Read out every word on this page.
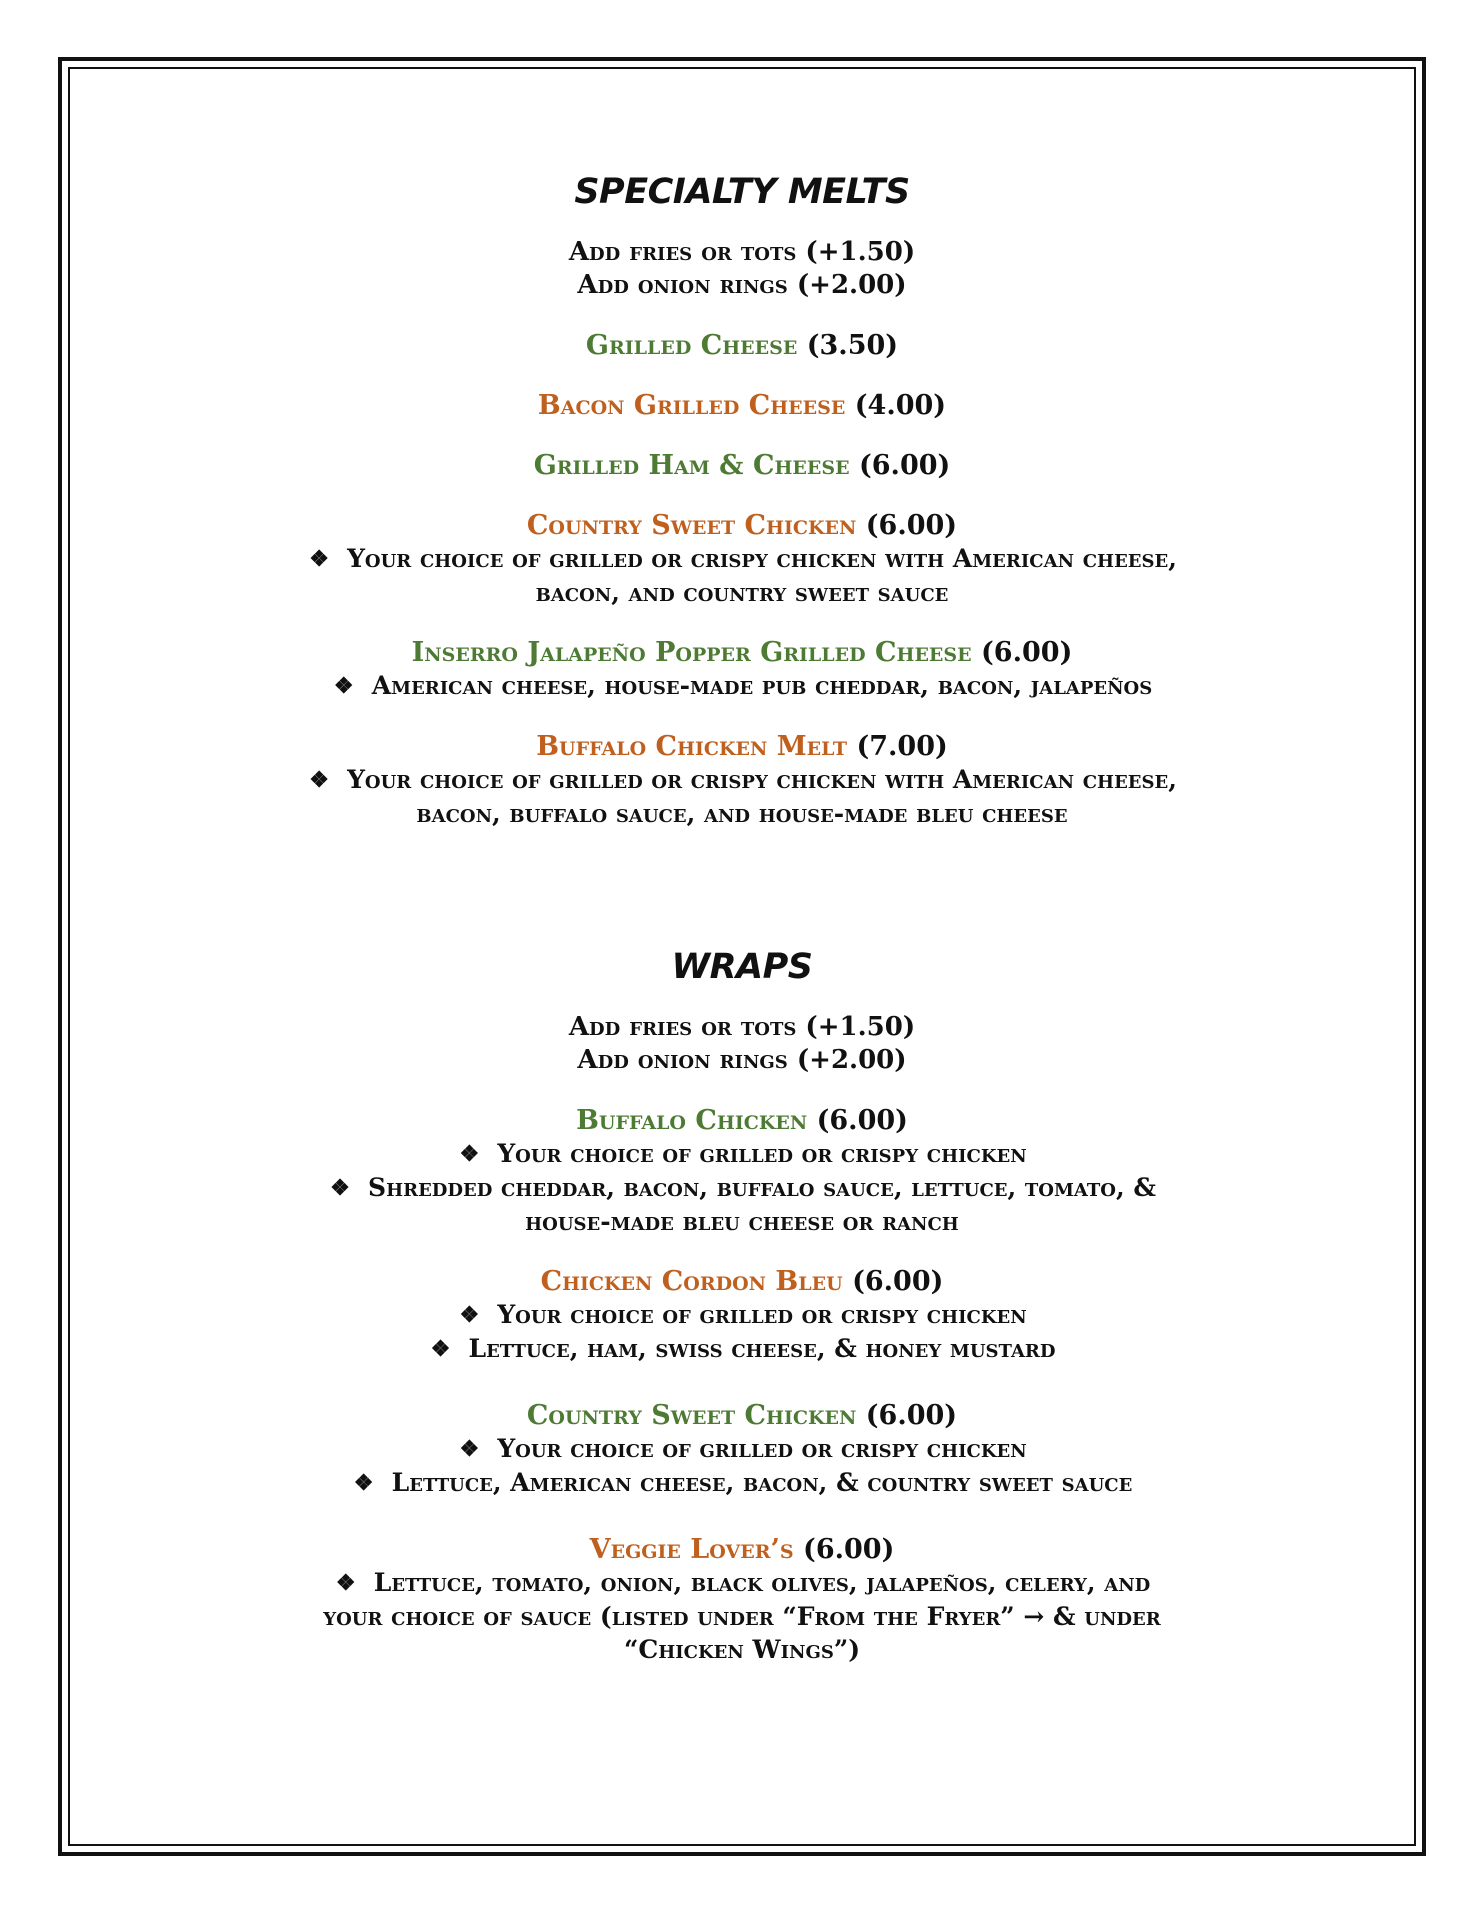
SPECIALTY MELTS
Add fries or tots (+1.50)
Add onion rings (+2.00)
Grilled Cheese (3.50)
Bacon Grilled Cheese (4.00)
Grilled Ham & Cheese (6.00)
Country Sweet Chicken (6.00)
❖ Your choice of grilled or crispy chicken with American cheese,
bacon, and country sweet sauce
Inserro Jalapeño Popper Grilled Cheese (6.00)
❖ American cheese, house-made pub cheddar, bacon, jalapeños
Buffalo Chicken Melt (7.00)
❖ Your choice of grilled or crispy chicken with American cheese,
bacon, buffalo sauce, and house-made bleu cheese
WRAPS
Add fries or tots (+1.50)
Add onion rings (+2.00)
Buffalo Chicken (6.00)
❖ Your choice of grilled or crispy chicken
❖ Shredded cheddar, bacon, buffalo sauce, lettuce, tomato, &
house-made bleu cheese or ranch
Chicken Cordon Bleu (6.00)
❖ Your choice of grilled or crispy chicken
❖ Lettuce, ham, swiss cheese, & honey mustard
Country Sweet Chicken (6.00)
❖ Your choice of grilled or crispy chicken
❖ Lettuce, American cheese, bacon, & country sweet sauce
Veggie Lover’s (6.00)
❖ Lettuce, tomato, onion, black olives, jalapeños, celery, and
your choice of sauce (listed under “From the Fryer” → & under
“Chicken Wings”)
